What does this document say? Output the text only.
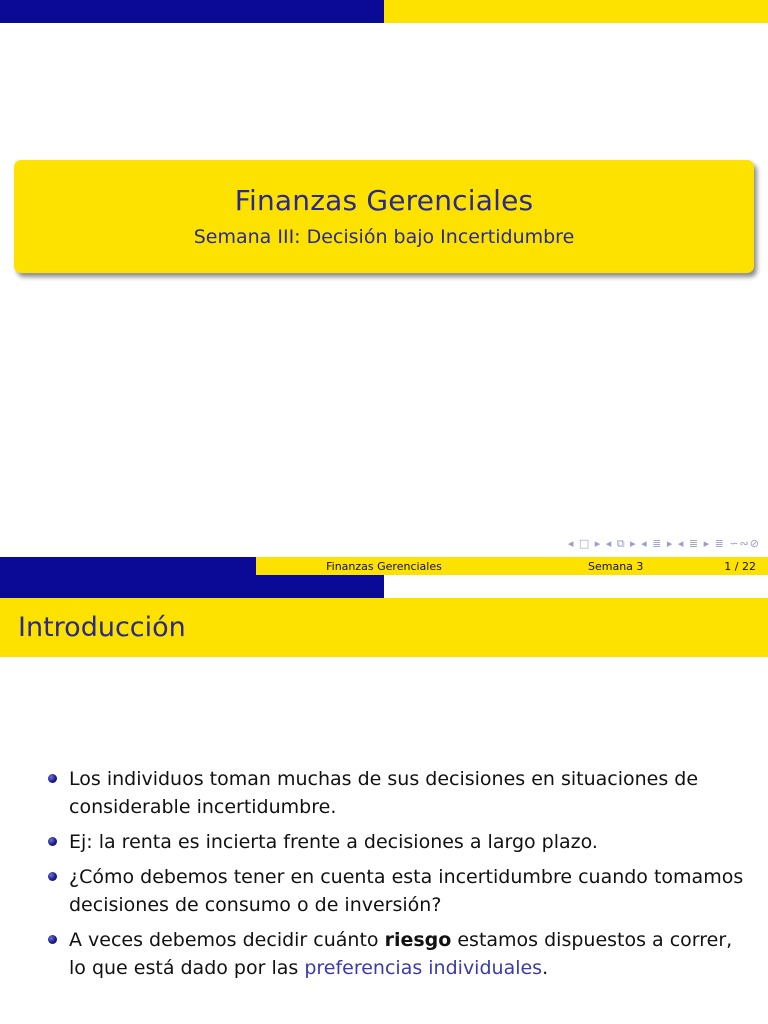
Finanzas Gerenciales
Semana III: Decisión bajo Incertidumbre
◂ □ ▸ ◂ ⧉ ▸ ◂ ≣ ▸ ◂ ≣ ▸ ≣ ∽∾⊘
Finanzas Gerenciales	Semana 3	1 / 22
Introducción
Los individuos toman muchas de sus decisiones en situaciones de considerable incertidumbre.
Ej: la renta es incierta frente a decisiones a largo plazo.
¿Cómo debemos tener en cuenta esta incertidumbre cuando tomamos decisiones de consumo o de inversión?
A veces debemos decidir cuánto riesgo estamos dispuestos a correr, lo que está dado por las preferencias individuales.
